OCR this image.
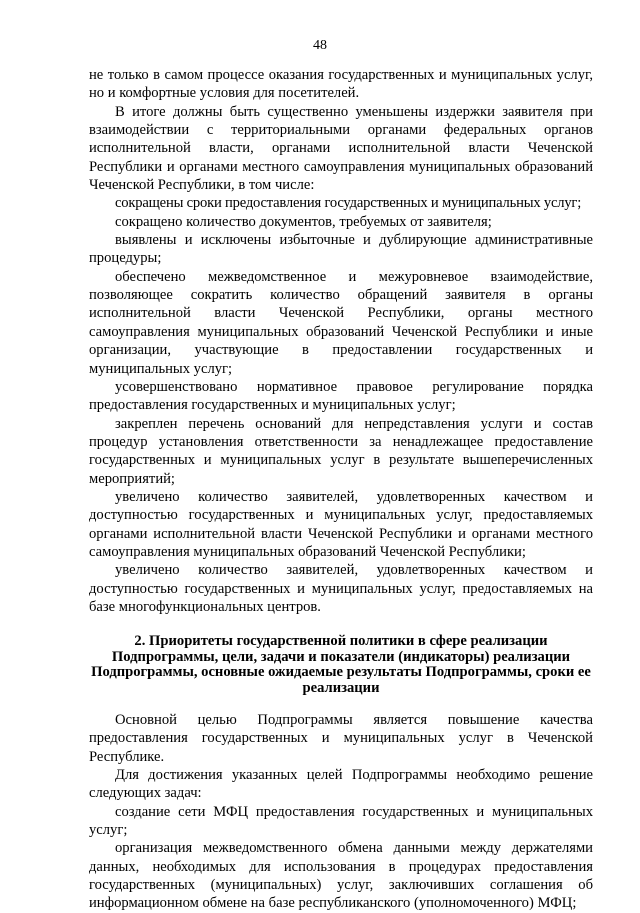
48

не только в самом процессе оказания государственных и муниципальных услуг, но и комфортные условия для посетителей.

В итоге должны быть существенно уменьшены издержки заявителя при взаимодействии с территориальными органами федеральных органов исполнительной власти, органами исполнительной власти Чеченской Республики и органами местного самоуправления муниципальных образований Чеченской Республики, в том числе:

сокращены сроки предоставления государственных и муниципальных услуг;

сокращено количество документов, требуемых от заявителя;

выявлены и исключены избыточные и дублирующие административные процедуры;

обеспечено межведомственное и межуровневое взаимодействие, позволяющее сократить количество обращений заявителя в органы исполнительной власти Чеченской Республики, органы местного самоуправления муниципальных образований Чеченской Республики и иные организации, участвующие в предоставлении государственных и муниципальных услуг;

усовершенствовано нормативное правовое регулирование порядка предоставления государственных и муниципальных услуг;

закреплен перечень оснований для непредставления услуги и состав процедур установления ответственности за ненадлежащее предоставление государственных и муниципальных услуг в результате вышеперечисленных мероприятий;

увеличено количество заявителей, удовлетворенных качеством и доступностью государственных и муниципальных услуг, предоставляемых органами исполнительной власти Чеченской Республики и органами местного самоуправления муниципальных образований Чеченской Республики;

увеличено количество заявителей, удовлетворенных качеством и доступностью государственных и муниципальных услуг, предоставляемых на базе многофункциональных центров.

2. Приоритеты государственной политики в сфере реализации Подпрограммы, цели, задачи и показатели (индикаторы) реализации Подпрограммы, основные ожидаемые результаты Подпрограммы, сроки ее реализации

Основной целью Подпрограммы является повышение качества предоставления государственных и муниципальных услуг в Чеченской Республике.

Для достижения указанных целей Подпрограммы необходимо решение следующих задач:

создание сети МФЦ предоставления государственных и муниципальных услуг;

организация межведомственного обмена данными между держателями данных, необходимых для использования в процедурах предоставления государственных (муниципальных) услуг, заключивших соглашения об информационном обмене на базе республиканского (уполномоченного) МФЦ;
